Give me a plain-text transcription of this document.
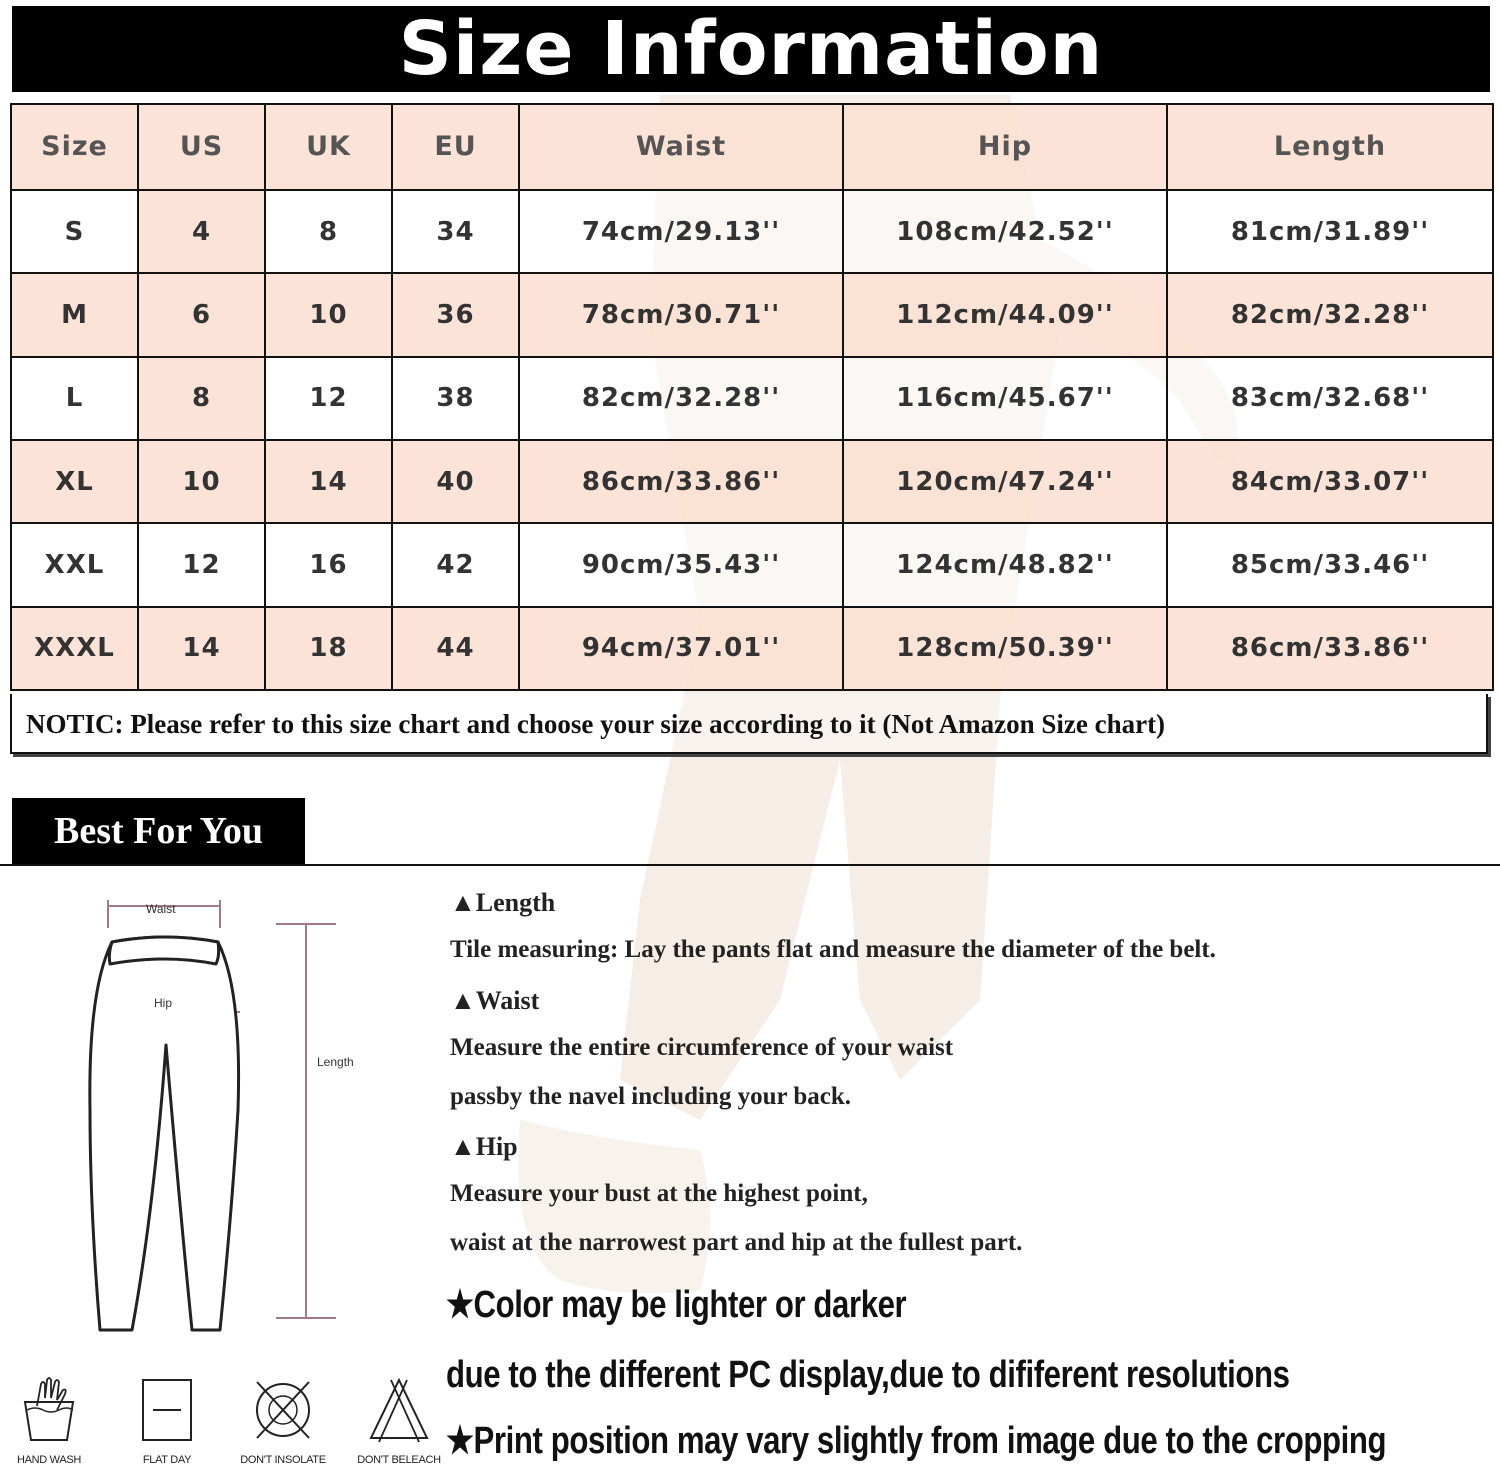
Size Information
Size	US	UK	EU	Waist	Hip	Length
S	4	8	34	74cm/29.13''	108cm/42.52''	81cm/31.89''
M	6	10	36	78cm/30.71''	112cm/44.09''	82cm/32.28''
L	8	12	38	82cm/32.28''	116cm/45.67''	83cm/32.68''
XL	10	14	40	86cm/33.86''	120cm/47.24''	84cm/33.07''
XXL	12	16	42	90cm/35.43''	124cm/48.82''	85cm/33.46''
XXXL	14	18	44	94cm/37.01''	128cm/50.39''	86cm/33.86''
NOTIC: Please refer to this size chart and choose your size according to it (Not Amazon Size chart)
Best For You
Waist
Hip
Length
▲Length
Tile measuring: Lay the pants flat and measure the diameter of the belt.
▲Waist
Measure the entire circumference of your waist
passby the navel including your back.
▲Hip
Measure your bust at the highest point,
waist at the narrowest part and hip at the fullest part.
★Color may be lighter or darker
due to the different PC display,due to dififerent resolutions
★Print position may vary slightly from image due to the cropping
HAND WASH	FLAT DAY	DON'T INSOLATE	DON'T BELEACH
